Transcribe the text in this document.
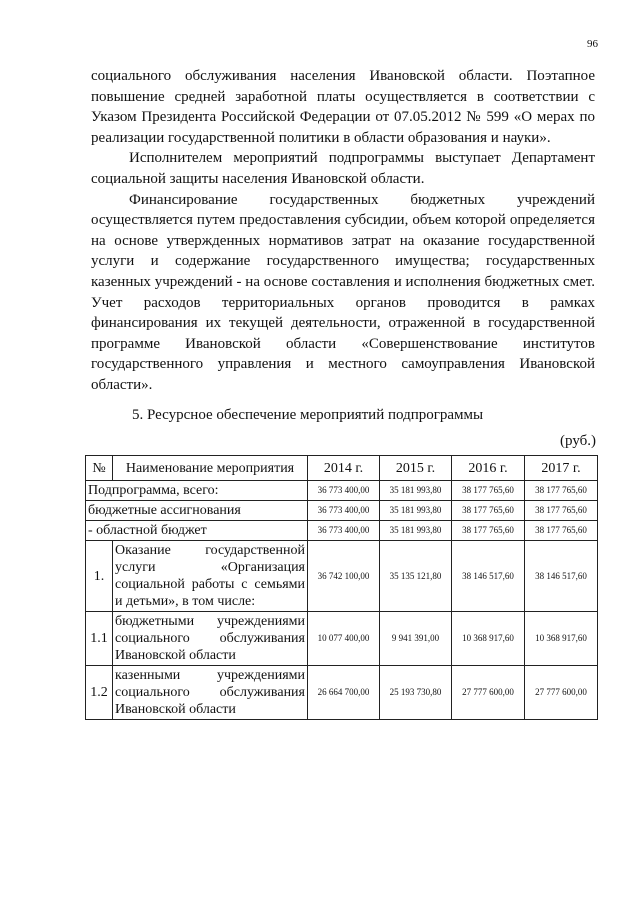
96

социального обслуживания населения Ивановской области. Поэтапное повышение средней заработной платы осуществляется в соответствии с Указом Президента Российской Федерации от 07.05.2012 № 599 «О мерах по реализации государственной политики в области образования и науки».

Исполнителем мероприятий подпрограммы выступает Департамент социальной защиты населения Ивановской области.

Финансирование государственных бюджетных учреждений осуществляется путем предоставления субсидии, объем которой определяется на основе утвержденных нормативов затрат на оказание государственной услуги и содержание государственного имущества; государственных казенных учреждений - на основе составления и исполнения бюджетных смет. Учет расходов территориальных органов проводится в рамках финансирования их текущей деятельности, отраженной в государственной программе Ивановской области «Совершенствование институтов государственного управления и местного самоуправления Ивановской области».

5. Ресурсное обеспечение мероприятий подпрограммы
(руб.)
№	Наименование мероприятия	2014 г.	2015 г.	2016 г.	2017 г.
Подпрограмма, всего:		36 773 400,00	35 181 993,80	38 177 765,60	38 177 765,60
бюджетные ассигнования		36 773 400,00	35 181 993,80	38 177 765,60	38 177 765,60
- областной бюджет		36 773 400,00	35 181 993,80	38 177 765,60	38 177 765,60
1.	Оказание государственной услуги «Организация социальной работы с семьями и детьми», в том числе:	36 742 100,00	35 135 121,80	38 146 517,60	38 146 517,60
1.1	бюджетными учреждениями социального обслуживания Ивановской области	10 077 400,00	9 941 391,00	10 368 917,60	10 368 917,60
1.2	казенными учреждениями социального обслуживания Ивановской области	26 664 700,00	25 193 730,80	27 777 600,00	27 777 600,00
